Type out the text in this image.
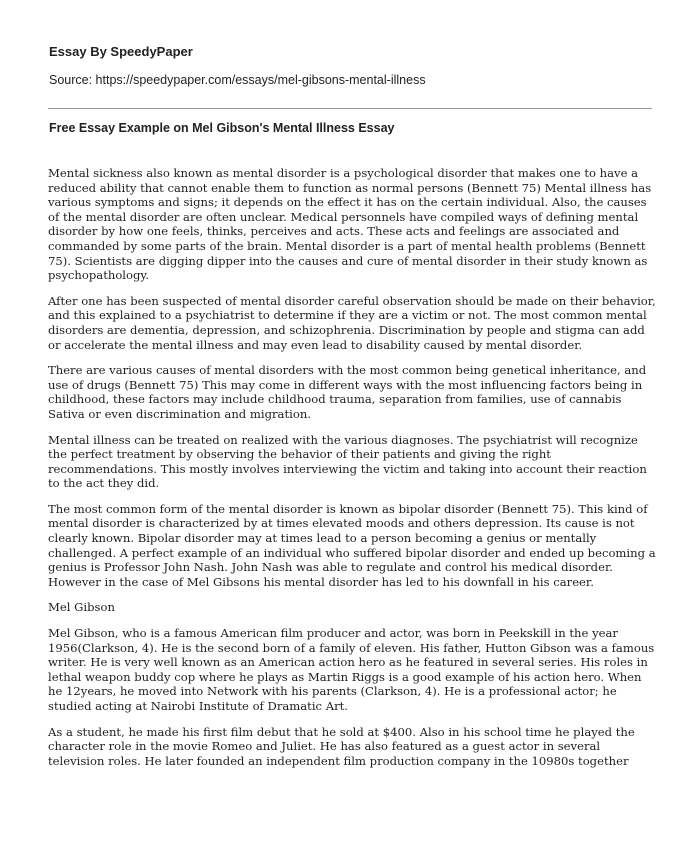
Essay By SpeedyPaper
Source: https://speedypaper.com/essays/mel-gibsons-mental-illness
Free Essay Example on Mel Gibson's Mental Illness Essay

Mental sickness also known as mental disorder is a psychological disorder that makes one to have a reduced ability that cannot enable them to function as normal persons (Bennett 75) Mental illness has various symptoms and signs; it depends on the effect it has on the certain individual. Also, the causes of the mental disorder are often unclear. Medical personnels have compiled ways of defining mental disorder by how one feels, thinks, perceives and acts. These acts and feelings are associated and commanded by some parts of the brain. Mental disorder is a part of mental health problems (Bennett 75). Scientists are digging dipper into the causes and cure of mental disorder in their study known as psychopathology.

After one has been suspected of mental disorder careful observation should be made on their behavior, and this explained to a psychiatrist to determine if they are a victim or not. The most common mental disorders are dementia, depression, and schizophrenia. Discrimination by people and stigma can add or accelerate the mental illness and may even lead to disability caused by mental disorder.

There are various causes of mental disorders with the most common being genetical inheritance, and use of drugs (Bennett 75) This may come in different ways with the most influencing factors being in childhood, these factors may include childhood trauma, separation from families, use of cannabis Sativa or even discrimination and migration.

Mental illness can be treated on realized with the various diagnoses. The psychiatrist will recognize the perfect treatment by observing the behavior of their patients and giving the right recommendations. This mostly involves interviewing the victim and taking into account their reaction to the act they did.

The most common form of the mental disorder is known as bipolar disorder (Bennett 75). This kind of mental disorder is characterized by at times elevated moods and others depression. Its cause is not clearly known. Bipolar disorder may at times lead to a person becoming a genius or mentally challenged. A perfect example of an individual who suffered bipolar disorder and ended up becoming a genius is Professor John Nash. John Nash was able to regulate and control his medical disorder. However in the case of Mel Gibsons his mental disorder has led to his downfall in his career.

Mel Gibson

Mel Gibson, who is a famous American film producer and actor, was born in Peekskill in the year 1956(Clarkson, 4). He is the second born of a family of eleven. His father, Hutton Gibson was a famous writer. He is very well known as an American action hero as he featured in several series. His roles in lethal weapon buddy cop where he plays as Martin Riggs is a good example of his action hero. When he 12years, he moved into Network with his parents (Clarkson, 4). He is a professional actor; he studied acting at Nairobi Institute of Dramatic Art.

As a student, he made his first film debut that he sold at $400. Also in his school time he played the character role in the movie Romeo and Juliet. He has also featured as a guest actor in several television roles. He later founded an independent film production company in the 10980s together
